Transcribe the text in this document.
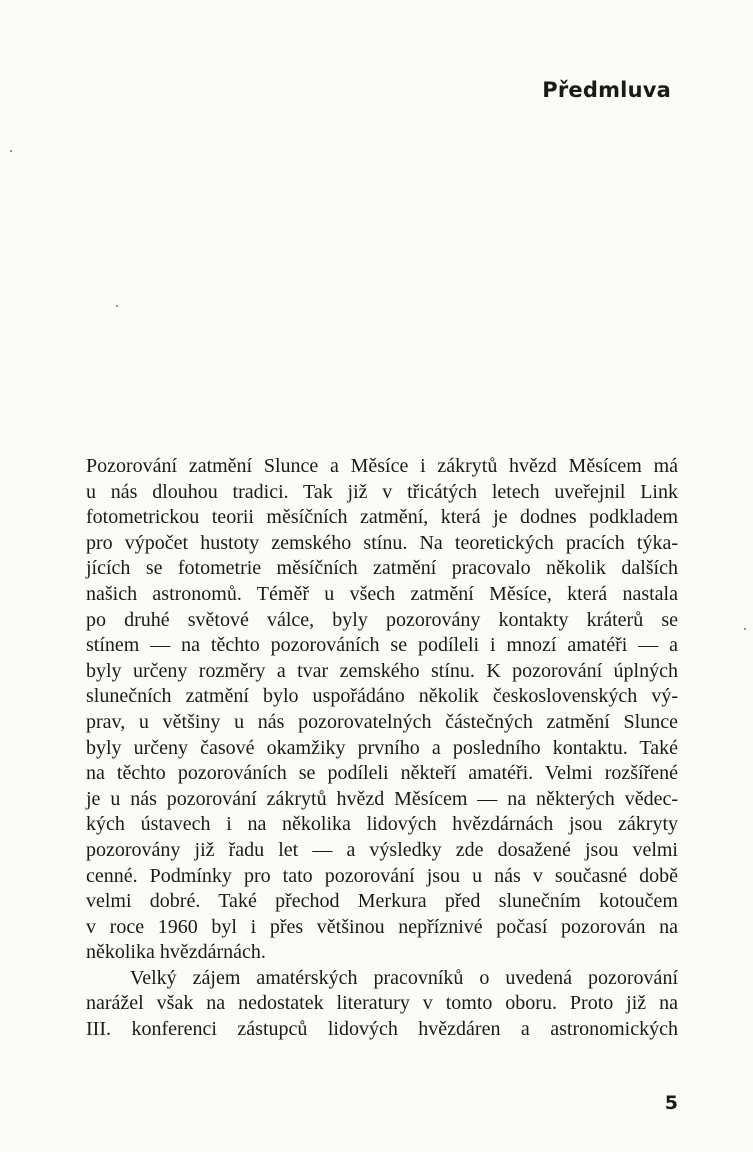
Předmluva
Pozorování zatmění Slunce a Měsíce i zákrytů hvězd Měsícem má
u nás dlouhou tradici. Tak již v třicátých letech uveřejnil Link
fotometrickou teorii měsíčních zatmění, která je dodnes podkladem
pro výpočet hustoty zemského stínu. Na teoretických pracích týka-
jících se fotometrie měsíčních zatmění pracovalo několik dalších
našich astronomů. Téměř u všech zatmění Měsíce, která nastala
po druhé světové válce, byly pozorovány kontakty kráterů se
stínem — na těchto pozorováních se podíleli i mnozí amatéři — a
byly určeny rozměry a tvar zemského stínu. K pozorování úplných
slunečních zatmění bylo uspořádáno několik československých vý-
prav, u většiny u nás pozorovatelných částečných zatmění Slunce
byly určeny časové okamžiky prvního a posledního kontaktu. Také
na těchto pozorováních se podíleli někteří amatéři. Velmi rozšířené
je u nás pozorování zákrytů hvězd Měsícem — na některých vědec-
kých ústavech i na několika lidových hvězdárnách jsou zákryty
pozorovány již řadu let — a výsledky zde dosažené jsou velmi
cenné. Podmínky pro tato pozorování jsou u nás v současné době
velmi dobré. Také přechod Merkura před slunečním kotoučem
v roce 1960 byl i přes většinou nepříznivé počasí pozorován na
několika hvězdárnách.
Velký zájem amatérských pracovníků o uvedená pozorování
narážel však na nedostatek literatury v tomto oboru. Proto již na
III. konferenci zástupců lidových hvězdáren a astronomických
5
